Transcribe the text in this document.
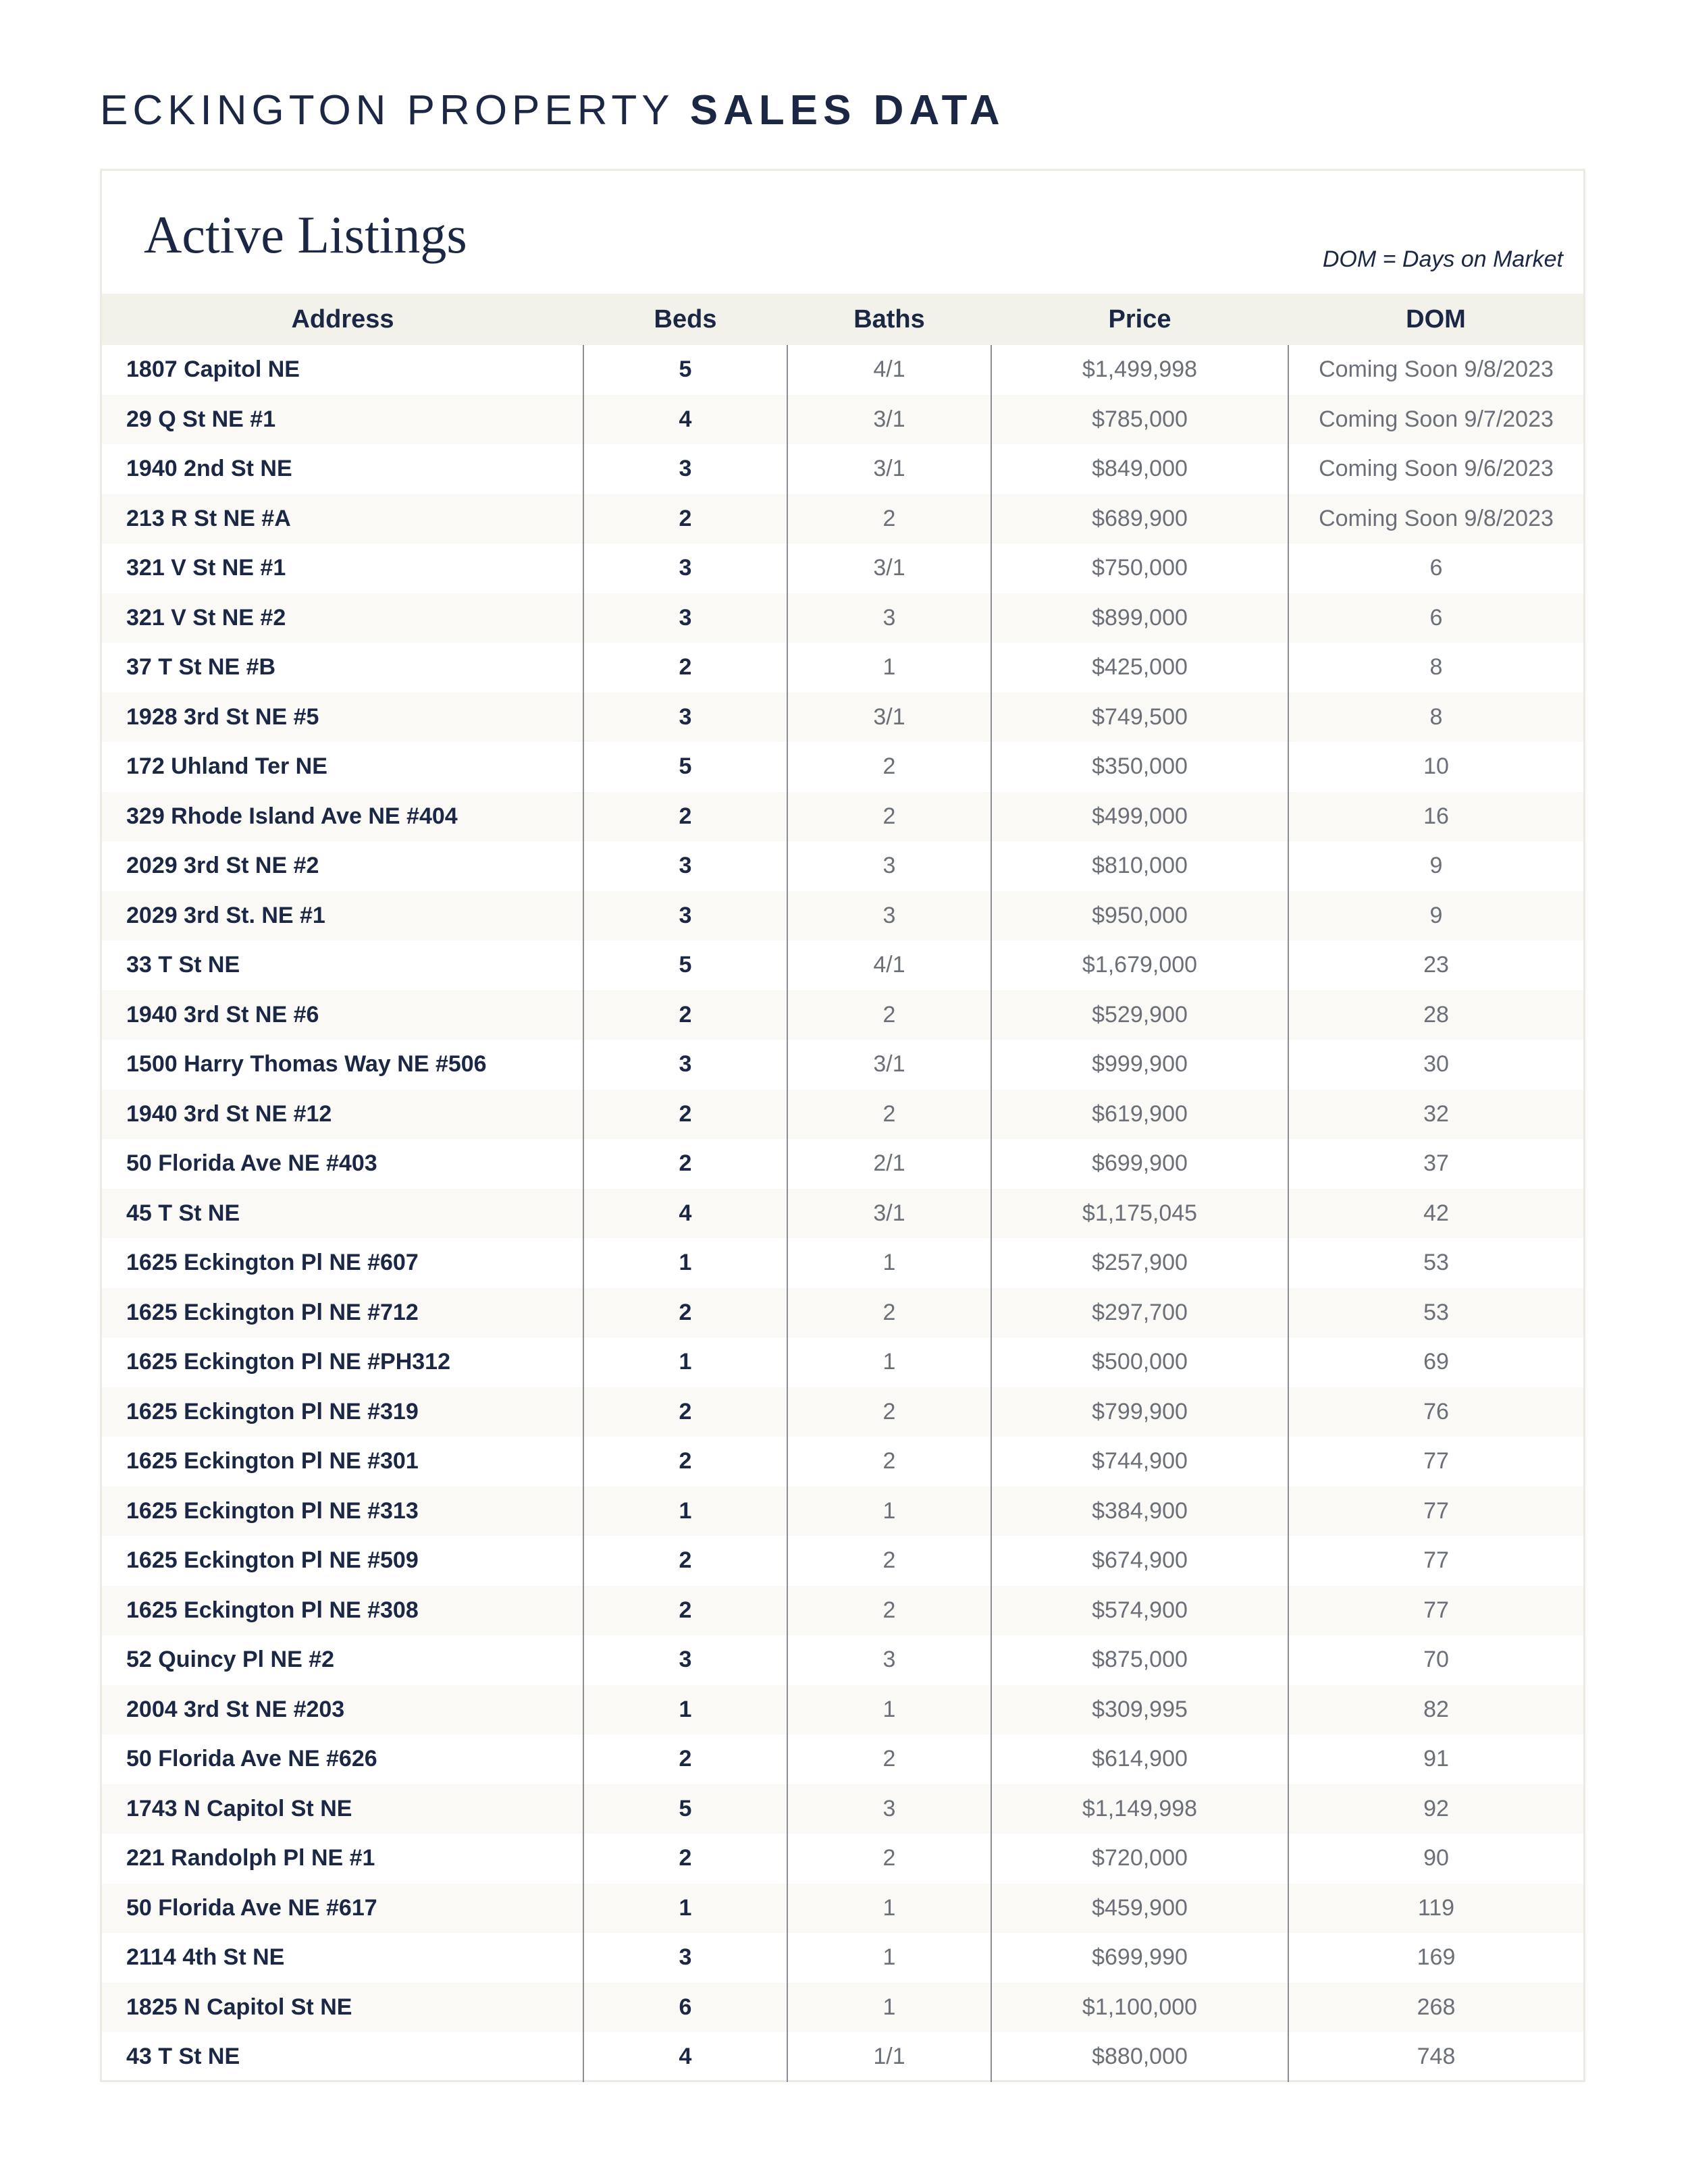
ECKINGTON PROPERTY SALES DATA
Active Listings	DOM = Days on Market
Address	Beds	Baths	Price	DOM
1807 Capitol NE	5	4/1	$1,499,998	Coming Soon 9/8/2023
29 Q St NE #1	4	3/1	$785,000	Coming Soon 9/7/2023
1940 2nd St NE	3	3/1	$849,000	Coming Soon 9/6/2023
213 R St NE #A	2	2	$689,900	Coming Soon 9/8/2023
321 V St NE #1	3	3/1	$750,000	6
321 V St NE #2	3	3	$899,000	6
37 T St NE #B	2	1	$425,000	8
1928 3rd St NE #5	3	3/1	$749,500	8
172 Uhland Ter NE	5	2	$350,000	10
329 Rhode Island Ave NE #404	2	2	$499,000	16
2029 3rd St NE #2	3	3	$810,000	9
2029 3rd St. NE #1	3	3	$950,000	9
33 T St NE	5	4/1	$1,679,000	23
1940 3rd St NE #6	2	2	$529,900	28
1500 Harry Thomas Way NE #506	3	3/1	$999,900	30
1940 3rd St NE #12	2	2	$619,900	32
50 Florida Ave NE #403	2	2/1	$699,900	37
45 T St NE	4	3/1	$1,175,045	42
1625 Eckington Pl NE #607	1	1	$257,900	53
1625 Eckington Pl NE #712	2	2	$297,700	53
1625 Eckington Pl NE #PH312	1	1	$500,000	69
1625 Eckington Pl NE #319	2	2	$799,900	76
1625 Eckington Pl NE #301	2	2	$744,900	77
1625 Eckington Pl NE #313	1	1	$384,900	77
1625 Eckington Pl NE #509	2	2	$674,900	77
1625 Eckington Pl NE #308	2	2	$574,900	77
52 Quincy Pl NE #2	3	3	$875,000	70
2004 3rd St NE #203	1	1	$309,995	82
50 Florida Ave NE #626	2	2	$614,900	91
1743 N Capitol St NE	5	3	$1,149,998	92
221 Randolph Pl NE #1	2	2	$720,000	90
50 Florida Ave NE #617	1	1	$459,900	119
2114 4th St NE	3	1	$699,990	169
1825 N Capitol St NE	6	1	$1,100,000	268
43 T St NE	4	1/1	$880,000	748
